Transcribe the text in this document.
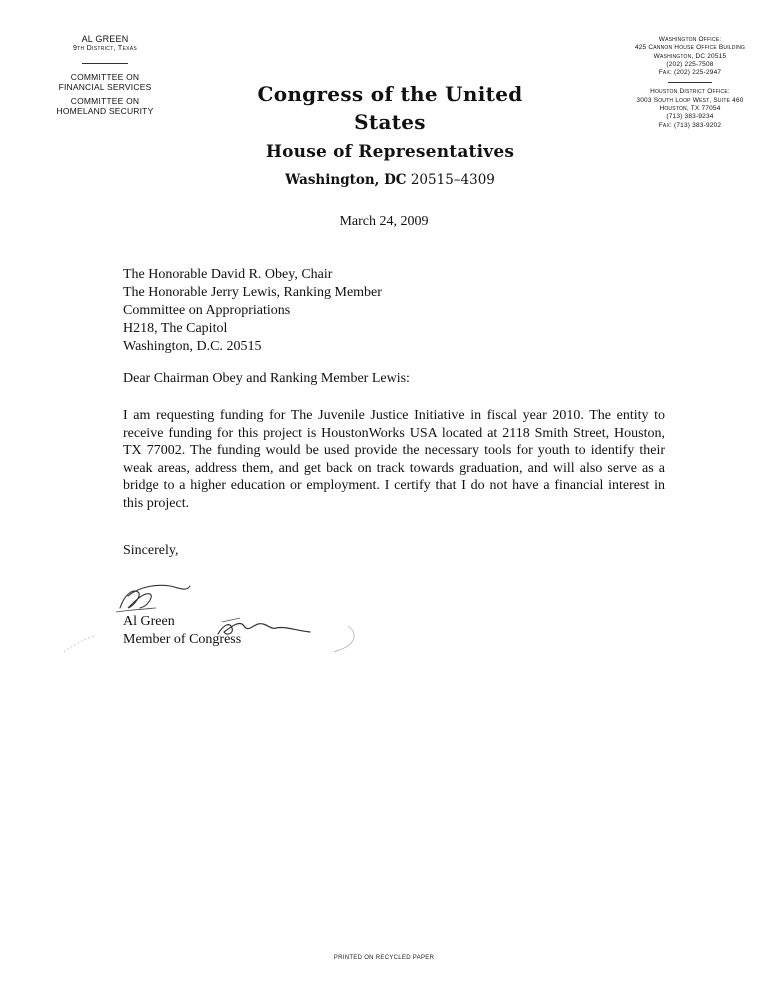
AL GREEN
9th District, Texas
COMMITTEE ON
FINANCIAL SERVICES
COMMITTEE ON
HOMELAND SECURITY
Congress of the United States
House of Representatives
Washington, DC 20515–4309
Washington Office:
425 Cannon House Office Building
Washington, DC 20515
(202) 225-7508
Fax: (202) 225-2947
Houston District Office:
3003 South Loop West, Suite 460
Houston, TX 77054
(713) 383-9234
Fax: (713) 383-9202
March 24, 2009
The Honorable David R. Obey, Chair
The Honorable Jerry Lewis, Ranking Member
Committee on Appropriations
H218, The Capitol
Washington, D.C. 20515
Dear Chairman Obey and Ranking Member Lewis:
I am requesting funding for The Juvenile Justice Initiative in fiscal year 2010. The entity to receive funding for this project is HoustonWorks USA located at 2118 Smith Street, Houston, TX 77002. The funding would be used provide the necessary tools for youth to identify their weak areas, address them, and get back on track towards graduation, and will also serve as a bridge to a higher education or employment. I certify that I do not have a financial interest in this project.
Sincerely,
Al Green
Member of Congress
PRINTED ON RECYCLED PAPER
